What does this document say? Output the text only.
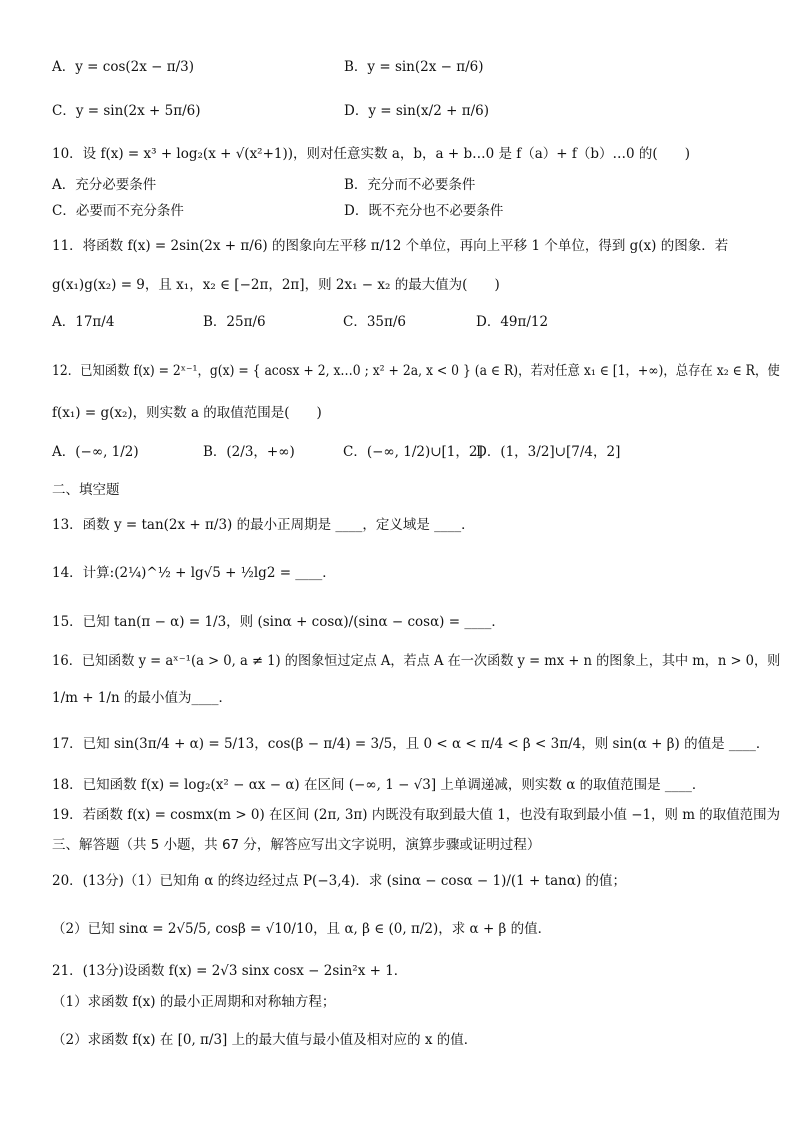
A．y = cos(2x − π/3)	B．y = sin(2x − π/6)
C．y = sin(2x + 5π/6)	D．y = sin(x/2 + π/6)
10．设 f(x) = x³ + log₂(x + √(x²+1))，则对任意实数 a，b，a + b…0 是 f（a）+ f（b）…0 的(　　)
A．充分必要条件	B．充分而不必要条件
C．必要而不充分条件	D．既不充分也不必要条件
11．将函数 f(x) = 2sin(2x + π/6) 的图象向左平移 π/12 个单位，再向上平移 1 个单位，得到 g(x) 的图象．若
g(x₁)g(x₂) = 9，且 x₁，x₂ ∈ [−2π，2π]，则 2x₁ − x₂ 的最大值为(　　)
A．17π/4	B．25π/6	C．35π/6	D．49π/12
12．已知函数 f(x) = 2ˣ⁻¹，g(x) = { acosx + 2, x…0 ; x² + 2a, x < 0 } (a ∈ R)，若对任意 x₁ ∈ [1，+∞)，总存在 x₂ ∈ R，使
f(x₁) = g(x₂)，则实数 a 的取值范围是(　　)
A．(−∞, 1/2)	B．(2/3，+∞)	C．(−∞, 1/2)∪[1，2]
D．(1，3/2]∪[7/4，2]
二、填空题
13．函数 y = tan(2x + π/3) 的最小正周期是 ____，定义域是 ____．
14．计算:(2¼)^½ + lg√5 + ½lg2 = ____．
15．已知 tan(π − α) = 1/3，则 (sinα + cosα)/(sinα − cosα) = ____．
16．已知函数 y = aˣ⁻¹(a > 0, a ≠ 1) 的图象恒过定点 A，若点 A 在一次函数 y = mx + n 的图象上，其中 m，n > 0，则
1/m + 1/n 的最小值为____．
17．已知 sin(3π/4 + α) = 5/13，cos(β − π/4) = 3/5，且 0 < α < π/4 < β < 3π/4，则 sin(α + β) 的值是 ____．
18．已知函数 f(x) = log₂(x² − αx − α) 在区间 (−∞, 1 − √3] 上单调递减，则实数 α 的取值范围是 ____．
19．若函数 f(x) = cosmx(m > 0) 在区间 (2π, 3π) 内既没有取到最大值 1，也没有取到最小值 −1，则 m 的取值范围为
三、解答题（共 5 小题，共 67 分，解答应写出文字说明，演算步骤或证明过程）
20．(13分)（1）已知角 α 的终边经过点 P(−3,4)．求 (sinα − cosα − 1)/(1 + tanα) 的值；
（2）已知 sinα = 2√5/5, cosβ = √10/10，且 α, β ∈ (0, π/2)，求 α + β 的值．
21．(13分)设函数 f(x) = 2√3 sinx cosx − 2sin²x + 1．
（1）求函数 f(x) 的最小正周期和对称轴方程；
（2）求函数 f(x) 在 [0, π/3] 上的最大值与最小值及相对应的 x 的值．
